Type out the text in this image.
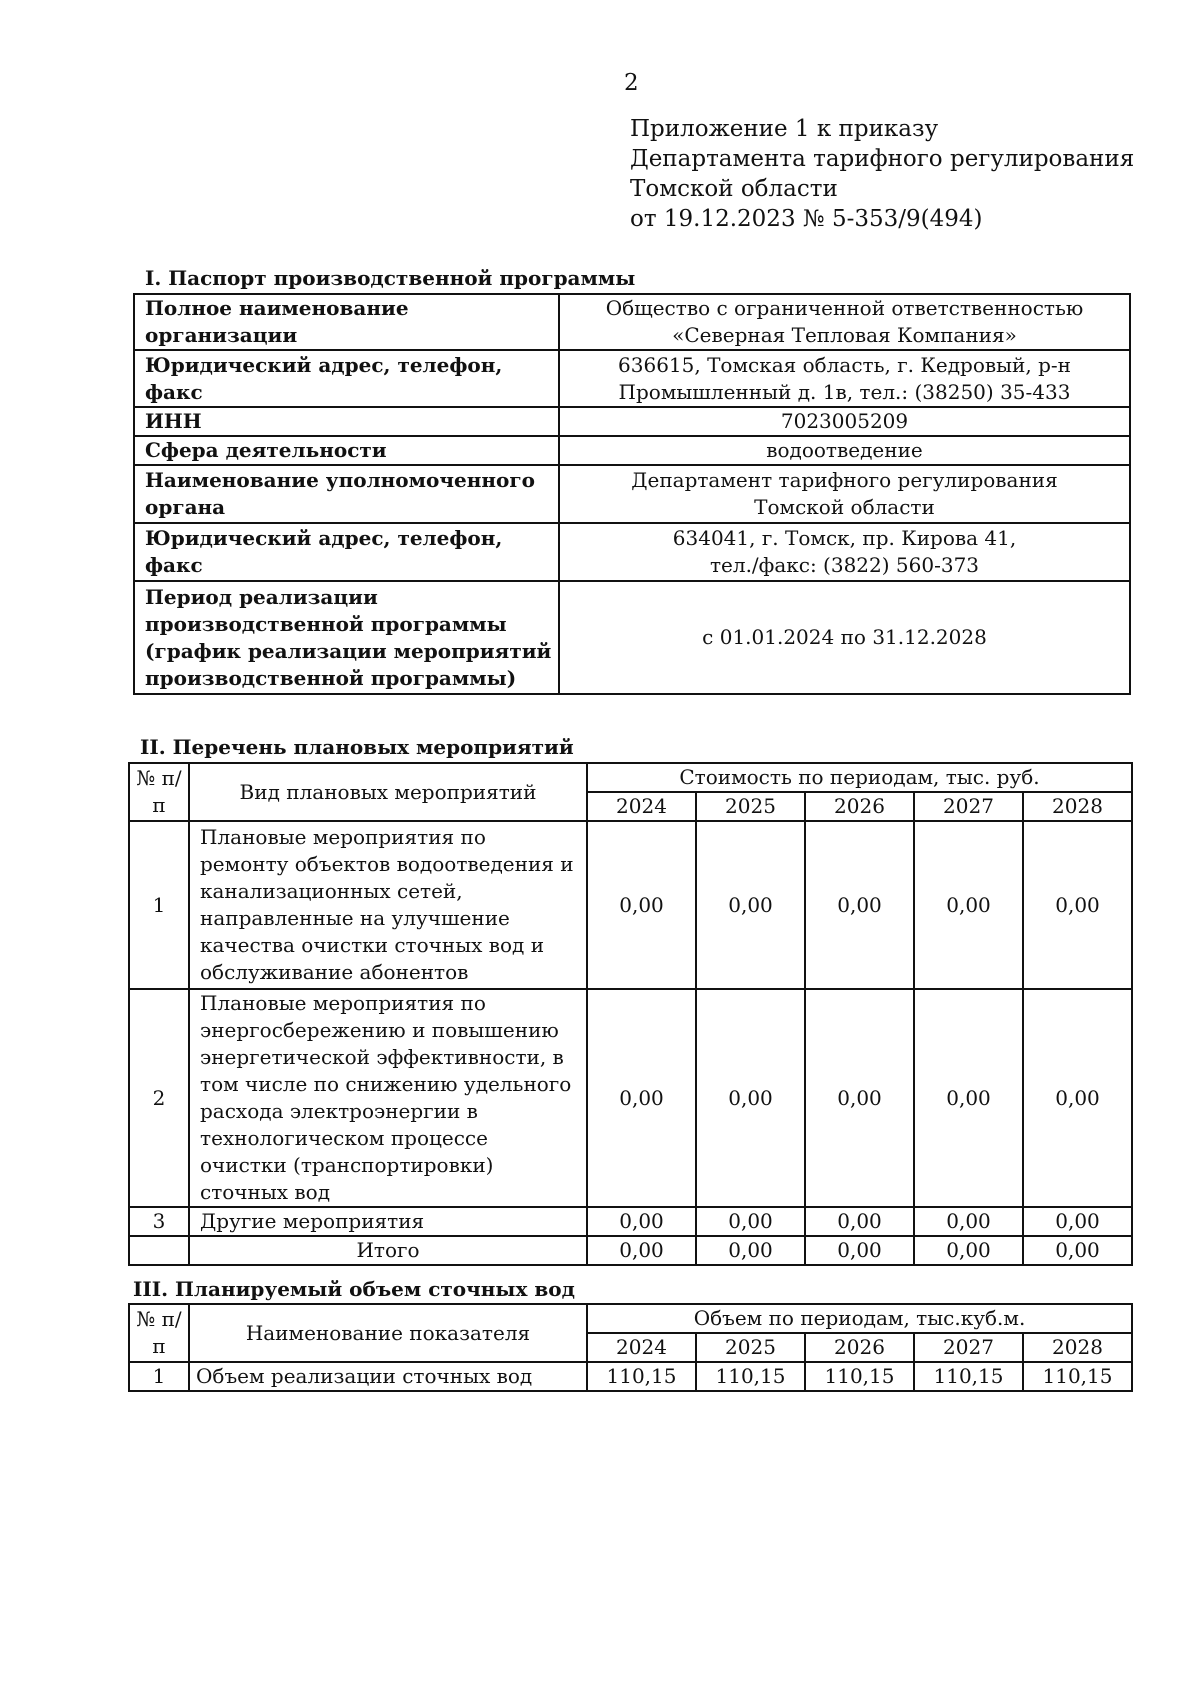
2
Приложение 1 к приказу
Департамента тарифного регулирования
Томской области
от 19.12.2023 № 5-353/9(494)
I. Паспорт производственной программы
Полное наименование организации	Общество с ограниченной ответственностью
«Северная Тепловая Компания»

Юридический адрес, телефон, факс	636615, Томская область, г. Кедровый, р-н
Промышленный д. 1в, тел.: (38250) 35-433

ИНН	7023005209
Сфера деятельности	водоотведение
Наименование уполномоченного органа	Департамент тарифного регулирования
Томской области

Юридический адрес, телефон, факс	634041, г. Томск, пр. Кирова 41,
тел./факс: (3822) 560-373

Период реализации производственной программы (график реализации мероприятий производственной программы)	с 01.01.2024 по 31.12.2028
II. Перечень плановых мероприятий
№ п/п	Вид плановых мероприятий	Стоимость по периодам, тыс. руб.				
		2024	2025	2026	2027	2028
1	Плановые мероприятия по ремонту объектов водоотведения и канализационных сетей, направленные на улучшение качества очистки сточных вод и обслуживание абонентов	0,00	0,00	0,00	0,00	0,00
2	Плановые мероприятия по энергосбережению и повышению энергетической эффективности, в том числе по снижению удельного расхода электроэнергии в технологическом процессе очистки (транспортировки) сточных вод	0,00	0,00	0,00	0,00	0,00
3	Другие мероприятия	0,00	0,00	0,00	0,00	0,00
	Итого	0,00	0,00	0,00	0,00	0,00
III. Планируемый объем сточных вод
№ п/п	Наименование показателя	Объем по периодам, тыс.куб.м.				
		2024	2025	2026	2027	2028
1	Объем реализации сточных вод	110,15	110,15	110,15	110,15	110,15
